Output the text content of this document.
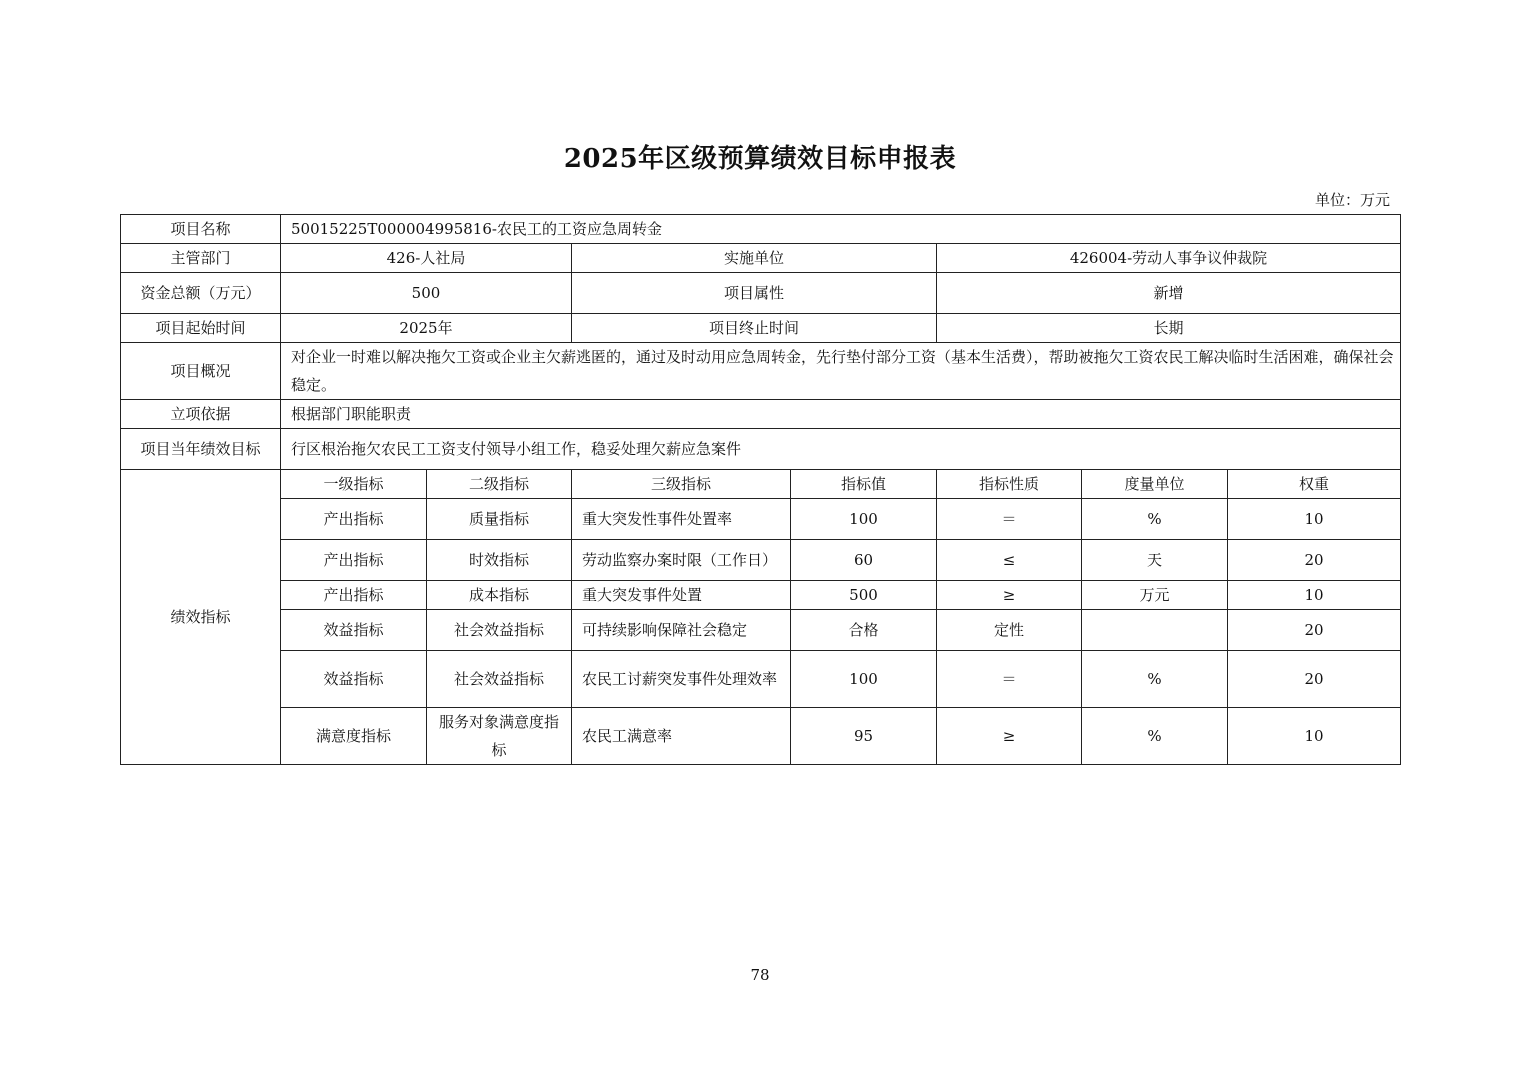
2025年区级预算绩效目标申报表
单位：万元
项目名称	50015225T000004995816-农民工的工资应急周转金						
主管部门	426-人社局		实施单位		426004-劳动人事争议仲裁院		
资金总额（万元）	500		项目属性		新增		
项目起始时间	2025年		项目终止时间		长期		
项目概况	对企业一时难以解决拖欠工资或企业主欠薪逃匿的，通过及时动用应急周转金，先行垫付部分工资（基本生活费），帮助被拖欠工资农民工解决临时生活困难，确保社会稳定。						
立项依据	根据部门职能职责						
项目当年绩效目标	行区根治拖欠农民工工资支付领导小组工作，稳妥处理欠薪应急案件						
绩效指标	一级指标	二级指标	三级指标	指标值	指标性质	度量单位	权重
	产出指标	质量指标	重大突发性事件处置率	100	＝	%	10
	产出指标	时效指标	劳动监察办案时限（工作日）	60	≤	天	20
	产出指标	成本指标	重大突发事件处置	500	≥	万元	10
	效益指标	社会效益指标	可持续影响保障社会稳定	合格	定性		20
	效益指标	社会效益指标	农民工讨薪突发事件处理效率	100	＝	%	20
	满意度指标	服务对象满意度指标	农民工满意率	95	≥	%	10
78
